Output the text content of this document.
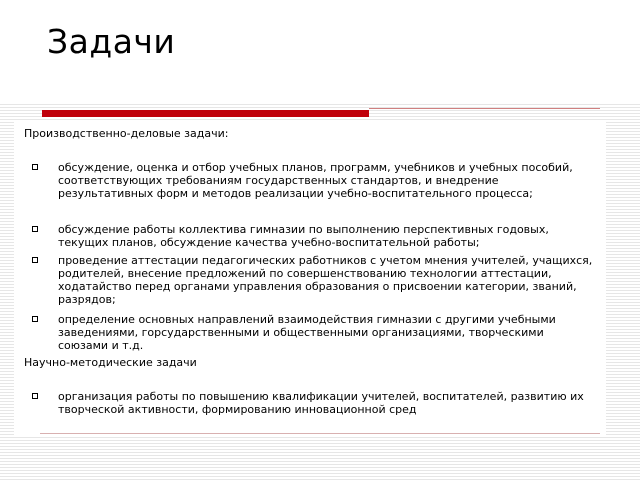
Задачи
Производственно-деловые задачи:
обсуждение, оценка и отбор учебных планов, программ, учебников и учебных пособий, соответствующих требованиям государственных стандартов, и внедрение результативных форм и методов реализации учебно-воспитательного процесса;
обсуждение работы коллектива гимназии по выполнению перспективных годовых, текущих планов, обсуждение качества учебно-воспитательной работы;
проведение аттестации педагогических работников с учетом мнения учителей, учащихся, родителей, внесение предложений по совершенствованию технологии аттестации, ходатайство перед органами управления образования о присвоении категории, званий, разрядов;
определение основных направлений взаимодействия гимназии с другими учебными заведениями, горсударственными и общественными организациями, творческими союзами и т.д.
Научно-методические задачи
организация работы по повышению квалификации учителей, воспитателей, развитию их творческой активности, формированию инновационной сред
